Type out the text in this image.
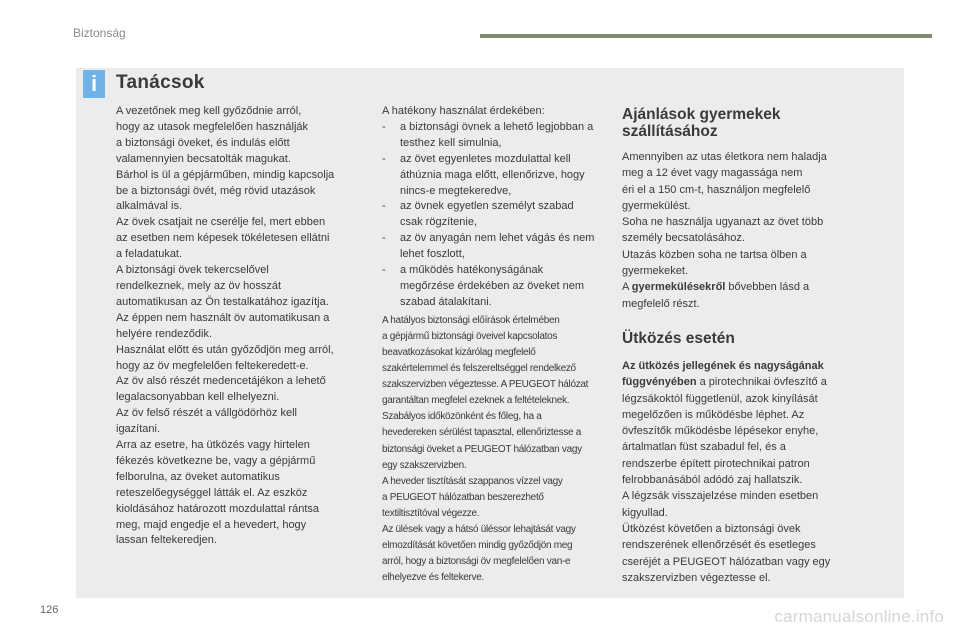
Biztonság
i Tanácsok
A vezetőnek meg kell győződnie arról,
hogy az utasok megfelelően használják
a biztonsági öveket, és indulás előtt
valamennyien becsatolták magukat.
Bárhol is ül a gépjárműben, mindig kapcsolja
be a biztonsági övét, még rövid utazások
alkalmával is.
Az övek csatjait ne cserélje fel, mert ebben
az esetben nem képesek tökéletesen ellátni
a feladatukat.
A biztonsági övek tekercselővel
rendelkeznek, mely az öv hosszát
automatikusan az Ön testalkatához igazítja.
Az éppen nem használt öv automatikusan a
helyére rendeződik.
Használat előtt és után győződjön meg arról,
hogy az öv megfelelően feltekeredett-e.
Az öv alsó részét medencetájékon a lehető
legalacsonyabban kell elhelyezni.
Az öv felső részét a vállgödörhöz kell
igazítani.
Arra az esetre, ha ütközés vagy hirtelen
fékezés következne be, vagy a gépjármű
felborulna, az öveket automatikus
reteszelőegységgel látták el. Az eszköz
kioldásához határozott mozdulattal rántsa
meg, majd engedje el a hevedert, hogy
lassan feltekeredjen.

A hatékony használat érdekében:

-	a biztonsági övnek a lehető legjobban a
testhez kell simulnia,
-	az övet egyenletes mozdulattal kell
áthúznia maga előtt, ellenőrizve, hogy
nincs-e megtekeredve,
-	az övnek egyetlen személyt szabad
csak rögzítenie,
-	az öv anyagán nem lehet vágás és nem
lehet foszlott,
-	a működés hatékonyságának
megőrzése érdekében az öveket nem
szabad átalakítani.

A hatályos biztonsági előírások értelmében
a gépjármű biztonsági öveivel kapcsolatos
beavatkozásokat kizárólag megfelelő
szakértelemmel és felszereltséggel rendelkező
szakszervizben végeztesse. A PEUGEOT hálózat
garantáltan megfelel ezeknek a feltételeknek.
Szabályos időközönként és főleg, ha a
hevedereken sérülést tapasztal, ellenőriztesse a
biztonsági öveket a PEUGEOT hálózatban vagy
egy szakszervizben.
A heveder tisztítását szappanos vízzel vagy
a PEUGEOT hálózatban beszerezhető
textiltisztítóval végezze.
Az ülések vagy a hátsó üléssor lehajtását vagy
elmozdítását követően mindig győződjön meg
arról, hogy a biztonsági öv megfelelően van-e
elhelyezve és feltekerve.

Ajánlások gyermekek
szállításához

Amennyiben az utas életkora nem haladja
meg a 12 évet vagy magassága nem
éri el a 150 cm-t, használjon megfelelő
gyermekülést.
Soha ne használja ugyanazt az övet több
személy becsatolásához.
Utazás közben soha ne tartsa ölben a
gyermekeket.
A gyermekülésekről bővebben lásd a
megfelelő részt.

Ütközés esetén

Az ütközés jellegének és nagyságának
függvényében a pirotechnikai övfeszítő a
légzsákoktól függetlenül, azok kinyílását
megelőzően is működésbe léphet. Az
övfeszítők működésbe lépésekor enyhe,
ártalmatlan füst szabadul fel, és a
rendszerbe épített pirotechnikai patron
felrobbanásából adódó zaj hallatszik.
A légzsák visszajelzése minden esetben
kigyullad.
Ütközést követően a biztonsági övek
rendszerének ellenőrzését és esetleges
cseréjét a PEUGEOT hálózatban vagy egy
szakszervizben végeztesse el.

126	carmanualsonline.info
